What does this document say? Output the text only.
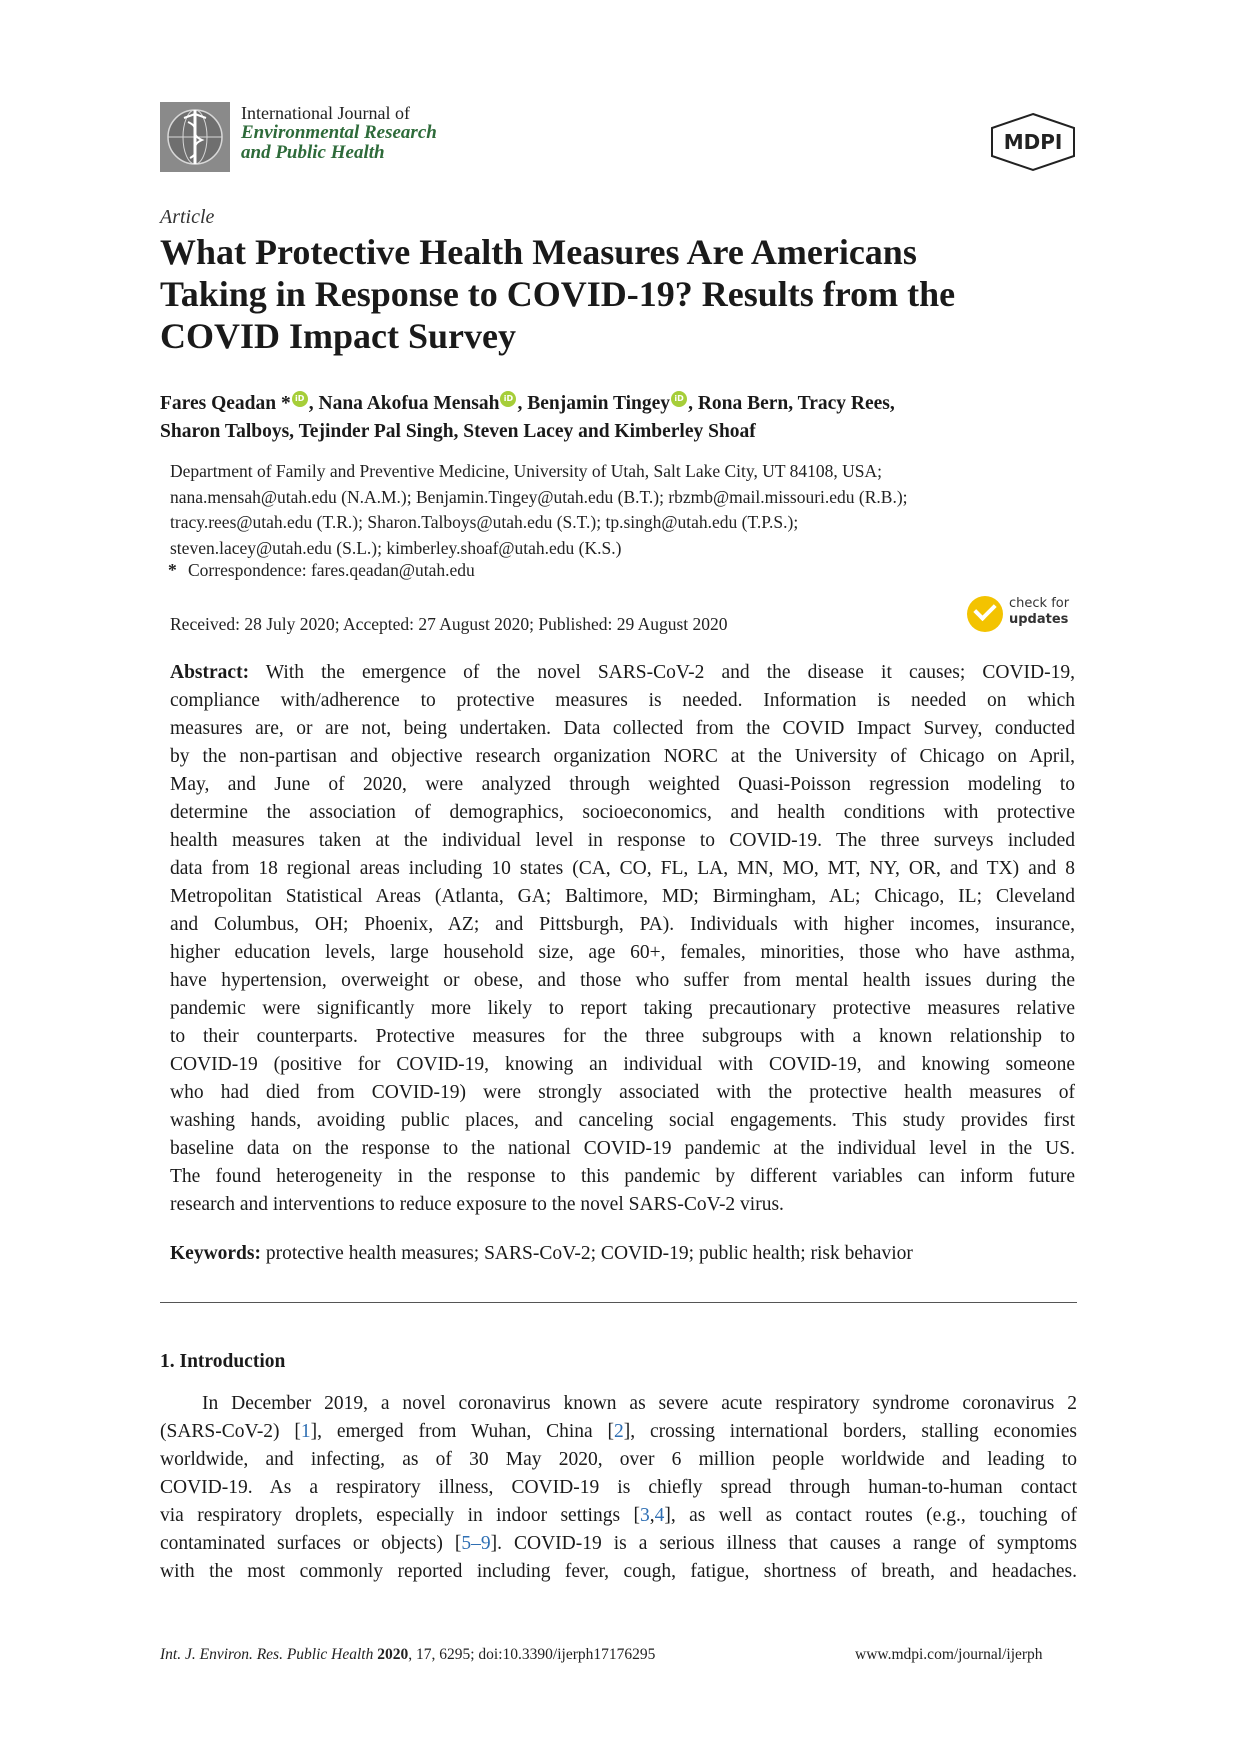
International Journal of
Environmental Research
and Public Health	MDPI
Article
What Protective Health Measures Are Americans
Taking in Response to COVID-19? Results from the
COVID Impact Survey
Fares Qeadan * iD , Nana Akofua Mensah iD , Benjamin Tingey iD , Rona Bern, Tracy Rees,
Sharon Talboys, Tejinder Pal Singh, Steven Lacey and Kimberley Shoaf
Department of Family and Preventive Medicine, University of Utah, Salt Lake City, UT 84108, USA;
nana.mensah@utah.edu (N.A.M.); Benjamin.Tingey@utah.edu (B.T.); rbzmb@mail.missouri.edu (R.B.);
tracy.rees@utah.edu (T.R.); Sharon.Talboys@utah.edu (S.T.); tp.singh@utah.edu (T.P.S.);
steven.lacey@utah.edu (S.L.); kimberley.shoaf@utah.edu (K.S.)
* Correspondence: fares.qeadan@utah.edu
Received: 28 July 2020; Accepted: 27 August 2020; Published: 29 August 2020
check for
updates
Abstract: With the emergence of the novel SARS-CoV-2 and the disease it causes; COVID-19,
compliance with/adherence to protective measures is needed. Information is needed on which
measures are, or are not, being undertaken. Data collected from the COVID Impact Survey, conducted
by the non-partisan and objective research organization NORC at the University of Chicago on April,
May, and June of 2020, were analyzed through weighted Quasi-Poisson regression modeling to
determine the association of demographics, socioeconomics, and health conditions with protective
health measures taken at the individual level in response to COVID-19. The three surveys included
data from 18 regional areas including 10 states (CA, CO, FL, LA, MN, MO, MT, NY, OR, and TX) and 8
Metropolitan Statistical Areas (Atlanta, GA; Baltimore, MD; Birmingham, AL; Chicago, IL; Cleveland
and Columbus, OH; Phoenix, AZ; and Pittsburgh, PA). Individuals with higher incomes, insurance,
higher education levels, large household size, age 60+, females, minorities, those who have asthma,
have hypertension, overweight or obese, and those who suffer from mental health issues during the
pandemic were significantly more likely to report taking precautionary protective measures relative
to their counterparts. Protective measures for the three subgroups with a known relationship to
COVID-19 (positive for COVID-19, knowing an individual with COVID-19, and knowing someone
who had died from COVID-19) were strongly associated with the protective health measures of
washing hands, avoiding public places, and canceling social engagements. This study provides first
baseline data on the response to the national COVID-19 pandemic at the individual level in the US.
The found heterogeneity in the response to this pandemic by different variables can inform future
research and interventions to reduce exposure to the novel SARS-CoV-2 virus.
Keywords: protective health measures; SARS-CoV-2; COVID-19; public health; risk behavior
1. Introduction
In December 2019, a novel coronavirus known as severe acute respiratory syndrome coronavirus 2
(SARS-CoV-2) [1], emerged from Wuhan, China [2], crossing international borders, stalling economies
worldwide, and infecting, as of 30 May 2020, over 6 million people worldwide and leading to
COVID-19. As a respiratory illness, COVID-19 is chiefly spread through human-to-human contact
via respiratory droplets, especially in indoor settings [3,4], as well as contact routes (e.g., touching of
contaminated surfaces or objects) [5–9]. COVID-19 is a serious illness that causes a range of symptoms
with the most commonly reported including fever, cough, fatigue, shortness of breath, and headaches.
Int. J. Environ. Res. Public Health 2020, 17, 6295; doi:10.3390/ijerph17176295	www.mdpi.com/journal/ijerph
